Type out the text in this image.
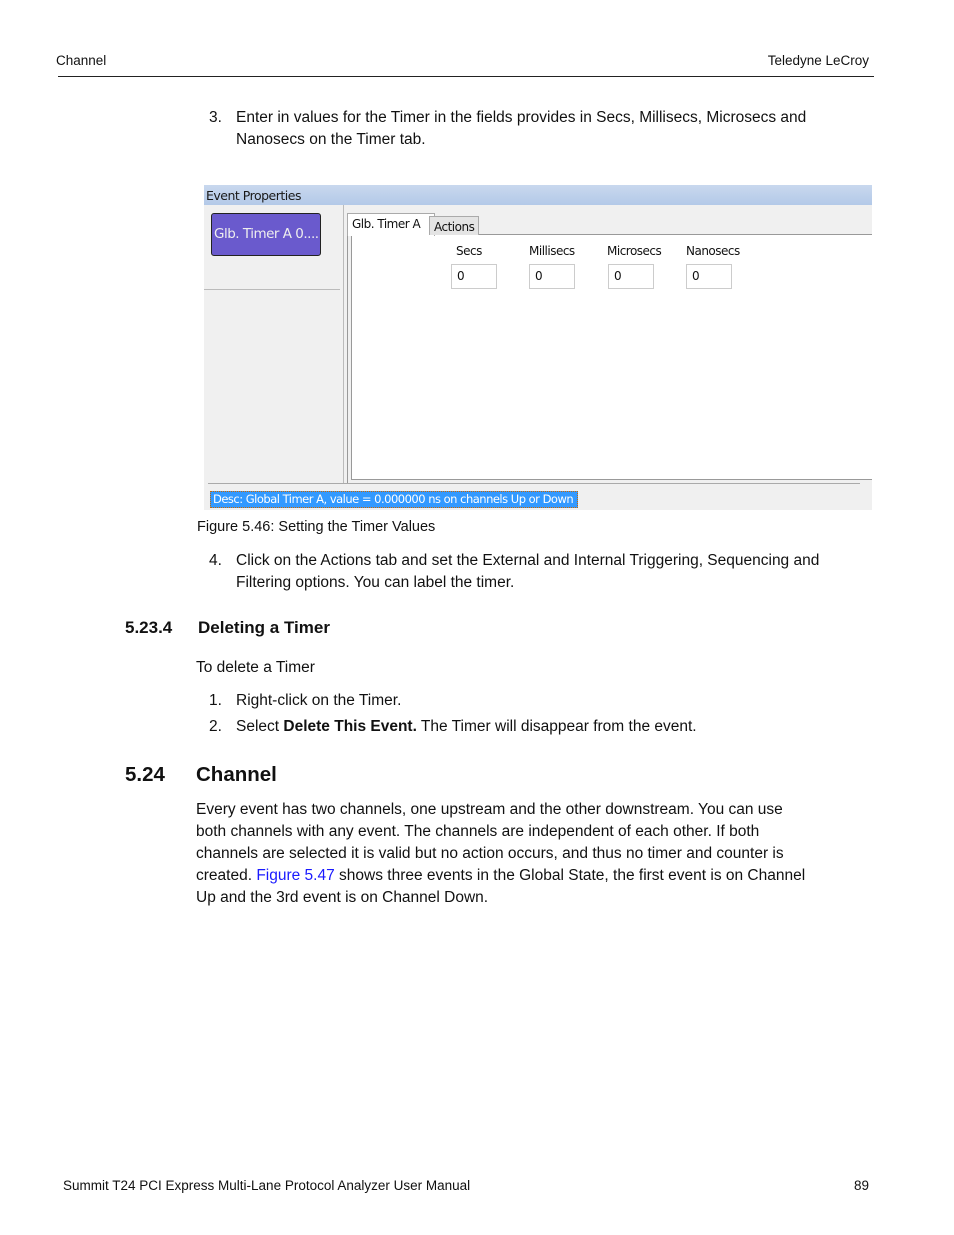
Channel	Teledyne LeCroy
3. Enter in values for the Timer in the fields provides in Secs, Millisecs, Microsecs and
Nanosecs on the Timer tab.
Event Properties
Glb. Timer A 0....
Glb. Timer A	Actions
Secs
0
Millisecs
0
Microsecs
0
Nanosecs
0
Desc: Global Timer A, value = 0.000000 ns on channels Up or Down
Figure 5.46: Setting the Timer Values
4. Click on the Actions tab and set the External and Internal Triggering, Sequencing and
Filtering options. You can label the timer.
5.23.4 Deleting a Timer
To delete a Timer
1. Right-click on the Timer.
2. Select Delete This Event. The Timer will disappear from the event.
5.24 Channel
Every event has two channels, one upstream and the other downstream. You can use
both channels with any event. The channels are independent of each other. If both
channels are selected it is valid but no action occurs, and thus no timer and counter is
created. Figure 5.47 shows three events in the Global State, the first event is on Channel
Up and the 3rd event is on Channel Down.
Summit T24 PCI Express Multi-Lane Protocol Analyzer User Manual	89
